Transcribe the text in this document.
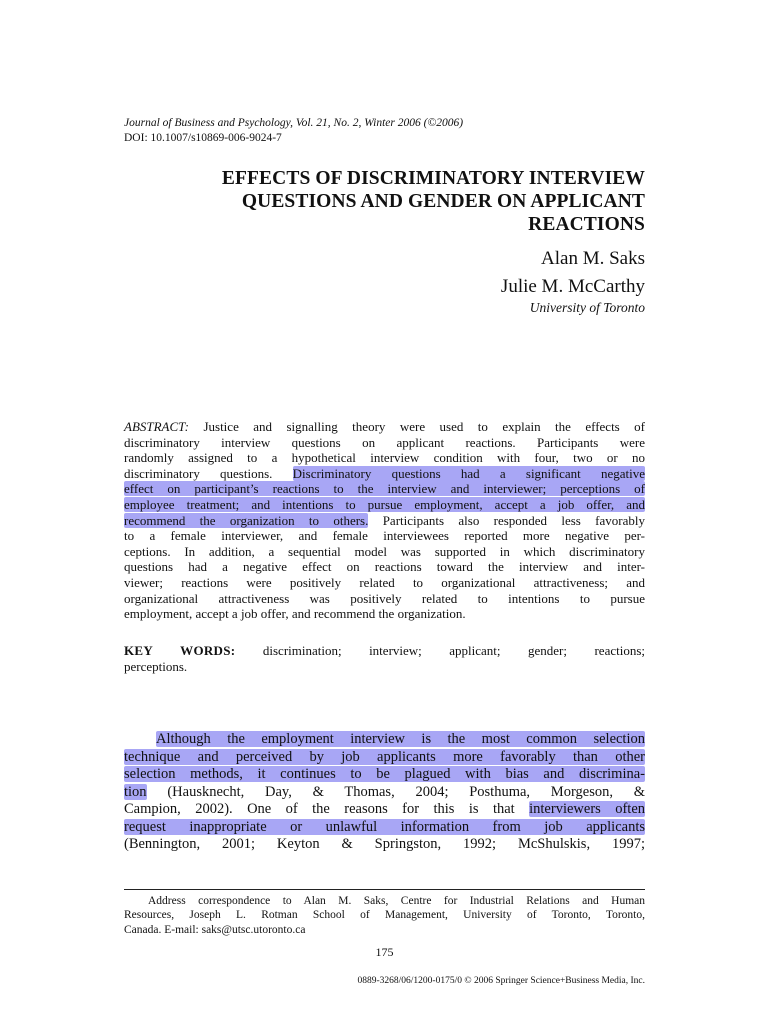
Journal of Business and Psychology, Vol. 21, No. 2, Winter 2006 (©2006)
DOI: 10.1007/s10869-006-9024-7
EFFECTS OF DISCRIMINATORY INTERVIEW
QUESTIONS AND GENDER ON APPLICANT
REACTIONS
Alan M. Saks
Julie M. McCarthy
University of Toronto
ABSTRACT: Justice and signalling theory were used to explain the effects of
discriminatory interview questions on applicant reactions. Participants were
randomly assigned to a hypothetical interview condition with four, two or no
discriminatory questions. Discriminatory questions had a significant negative
effect on participant’s reactions to the interview and interviewer; perceptions of
employee treatment; and intentions to pursue employment, accept a job offer, and
recommend the organization to others. Participants also responded less favorably
to a female interviewer, and female interviewees reported more negative per-
ceptions. In addition, a sequential model was supported in which discriminatory
questions had a negative effect on reactions toward the interview and inter-
viewer; reactions were positively related to organizational attractiveness; and
organizational attractiveness was positively related to intentions to pursue
employment, accept a job offer, and recommend the organization.
KEY WORDS: discrimination; interview; applicant; gender; reactions;
perceptions.
Although the employment interview is the most common selection
technique and perceived by job applicants more favorably than other
selection methods, it continues to be plagued with bias and discrimina-
tion (Hausknecht, Day, & Thomas, 2004; Posthuma, Morgeson, &
Campion, 2002). One of the reasons for this is that interviewers often
request inappropriate or unlawful information from job applicants
(Bennington, 2001; Keyton & Springston, 1992; McShulskis, 1997;
Address correspondence to Alan M. Saks, Centre for Industrial Relations and Human
Resources, Joseph L. Rotman School of Management, University of Toronto, Toronto,
Canada. E-mail: saks@utsc.utoronto.ca
175
0889-3268/06/1200-0175/0 © 2006 Springer Science+Business Media, Inc.
